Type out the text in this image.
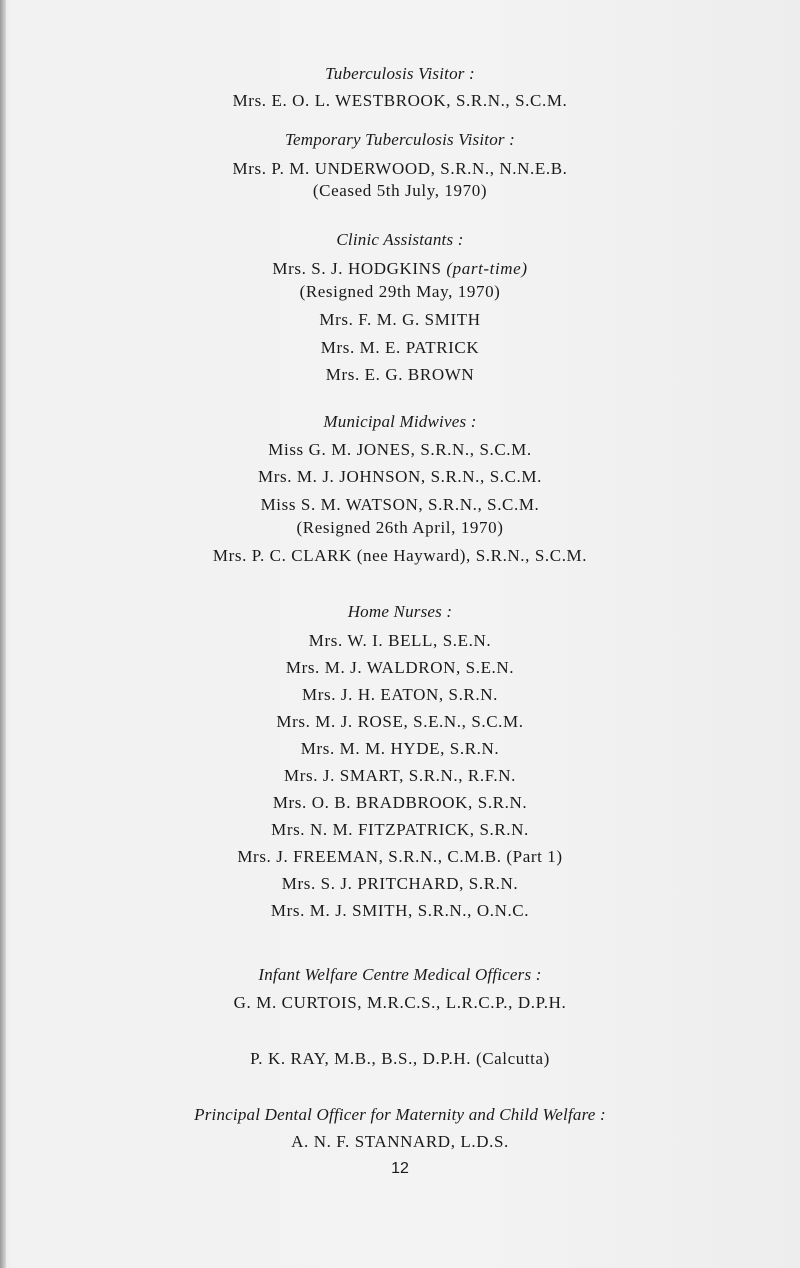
Tuberculosis Visitor :
Mrs. E. O. L. WESTBROOK, S.R.N., S.C.M.
Temporary Tuberculosis Visitor :
Mrs. P. M. UNDERWOOD, S.R.N., N.N.E.B.
(Ceased 5th July, 1970)
Clinic Assistants :
Mrs. S. J. HODGKINS (part-time)
(Resigned 29th May, 1970)
Mrs. F. M. G. SMITH
Mrs. M. E. PATRICK
Mrs. E. G. BROWN
Municipal Midwives :
Miss G. M. JONES, S.R.N., S.C.M.
Mrs. M. J. JOHNSON, S.R.N., S.C.M.
Miss S. M. WATSON, S.R.N., S.C.M.
(Resigned 26th April, 1970)
Mrs. P. C. CLARK (nee Hayward), S.R.N., S.C.M.
Home Nurses :
Mrs. W. I. BELL, S.E.N.
Mrs. M. J. WALDRON, S.E.N.
Mrs. J. H. EATON, S.R.N.
Mrs. M. J. ROSE, S.E.N., S.C.M.
Mrs. M. M. HYDE, S.R.N.
Mrs. J. SMART, S.R.N., R.F.N.
Mrs. O. B. BRADBROOK, S.R.N.
Mrs. N. M. FITZPATRICK, S.R.N.
Mrs. J. FREEMAN, S.R.N., C.M.B. (Part 1)
Mrs. S. J. PRITCHARD, S.R.N.
Mrs. M. J. SMITH, S.R.N., O.N.C.
Infant Welfare Centre Medical Officers :
G. M. CURTOIS, M.R.C.S., L.R.C.P., D.P.H.
P. K. RAY, M.B., B.S., D.P.H. (Calcutta)
Principal Dental Officer for Maternity and Child Welfare :
A. N. F. STANNARD, L.D.S.
12
